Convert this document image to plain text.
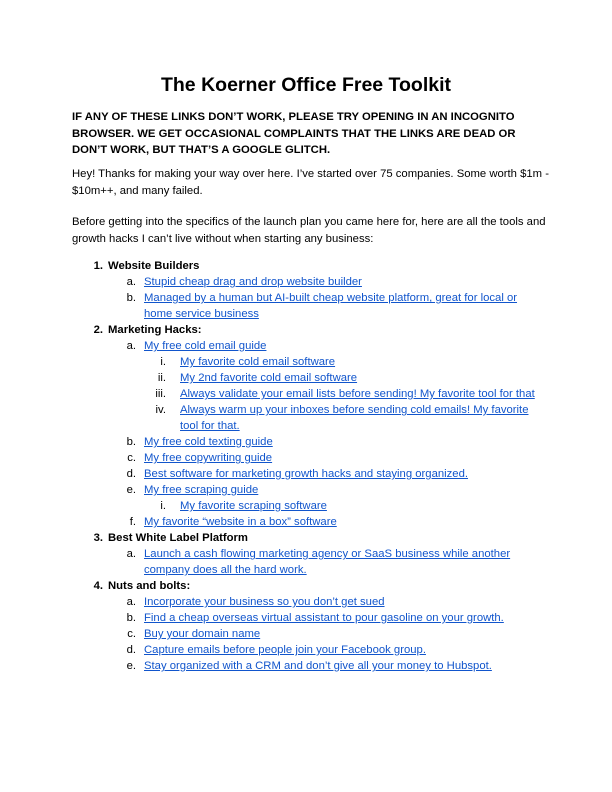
The Koerner Office Free Toolkit

IF ANY OF THESE LINKS DON’T WORK, PLEASE TRY OPENING IN AN INCOGNITO BROWSER. WE GET OCCASIONAL COMPLAINTS THAT THE LINKS ARE DEAD OR DON’T WORK, BUT THAT’S A GOOGLE GLITCH.

Hey! Thanks for making your way over here. I’ve started over 75 companies. Some worth $1m - $10m++, and many failed.

Before getting into the specifics of the launch plan you came here for, here are all the tools and growth hacks I can’t live without when starting any business:

1. Website Builders
a. Stupid cheap drag and drop website builder
b. Managed by a human but AI-built cheap website platform, great for local or home service business
2. Marketing Hacks:
a. My free cold email guide
i. My favorite cold email software
ii. My 2nd favorite cold email software
iii. Always validate your email lists before sending! My favorite tool for that
iv. Always warm up your inboxes before sending cold emails! My favorite tool for that.
b. My free cold texting guide
c. My free copywriting guide
d. Best software for marketing growth hacks and staying organized.
e. My free scraping guide
i. My favorite scraping software
f. My favorite “website in a box” software
3. Best White Label Platform
a. Launch a cash flowing marketing agency or SaaS business while another company does all the hard work.
4. Nuts and bolts:
a. Incorporate your business so you don’t get sued
b. Find a cheap overseas virtual assistant to pour gasoline on your growth.
c. Buy your domain name
d. Capture emails before people join your Facebook group.
e. Stay organized with a CRM and don’t give all your money to Hubspot.
